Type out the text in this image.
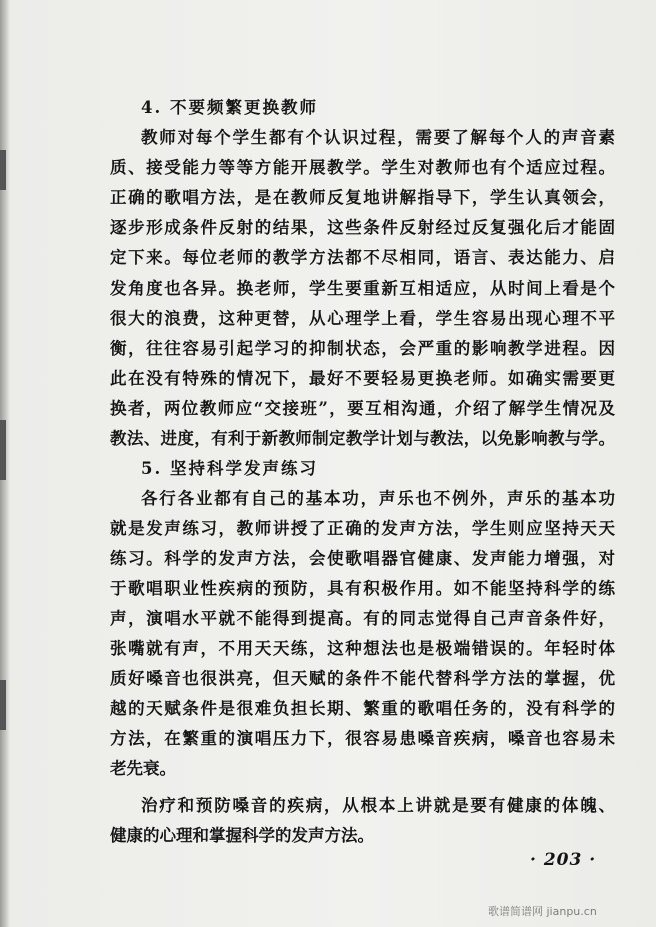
4. 不要频繁更换教师
教师对每个学生都有个认识过程，需要了解每个人的声音素
质、接受能力等等方能开展教学。学生对教师也有个适应过程。
正确的歌唱方法，是在教师反复地讲解指导下，学生认真领会，
逐步形成条件反射的结果，这些条件反射经过反复强化后才能固
定下来。每位老师的教学方法都不尽相同，语言、表达能力、启
发角度也各异。换老师，学生要重新互相适应，从时间上看是个
很大的浪费，这种更替，从心理学上看，学生容易出现心理不平
衡，往往容易引起学习的抑制状态，会严重的影响教学进程。因
此在没有特殊的情况下，最好不要轻易更换老师。如确实需要更
换者，两位教师应“交接班”，要互相沟通，介绍了解学生情况及
教法、进度，有利于新教师制定教学计划与教法，以免影响教与学。
5. 坚持科学发声练习
各行各业都有自己的基本功，声乐也不例外，声乐的基本功
就是发声练习，教师讲授了正确的发声方法，学生则应坚持天天
练习。科学的发声方法，会使歌唱器官健康、发声能力增强，对
于歌唱职业性疾病的预防，具有积极作用。如不能坚持科学的练
声，演唱水平就不能得到提高。有的同志觉得自己声音条件好，
张嘴就有声，不用天天练，这种想法也是极端错误的。年轻时体
质好嗓音也很洪亮，但天赋的条件不能代替科学方法的掌握，优
越的天赋条件是很难负担长期、繁重的歌唱任务的，没有科学的
方法，在繁重的演唱压力下，很容易患嗓音疾病，嗓音也容易未
老先衰。
治疗和预防嗓音的疾病，从根本上讲就是要有健康的体魄、
健康的心理和掌握科学的发声方法。
· 203 ·
歌谱简谱网 jianpu.cn
